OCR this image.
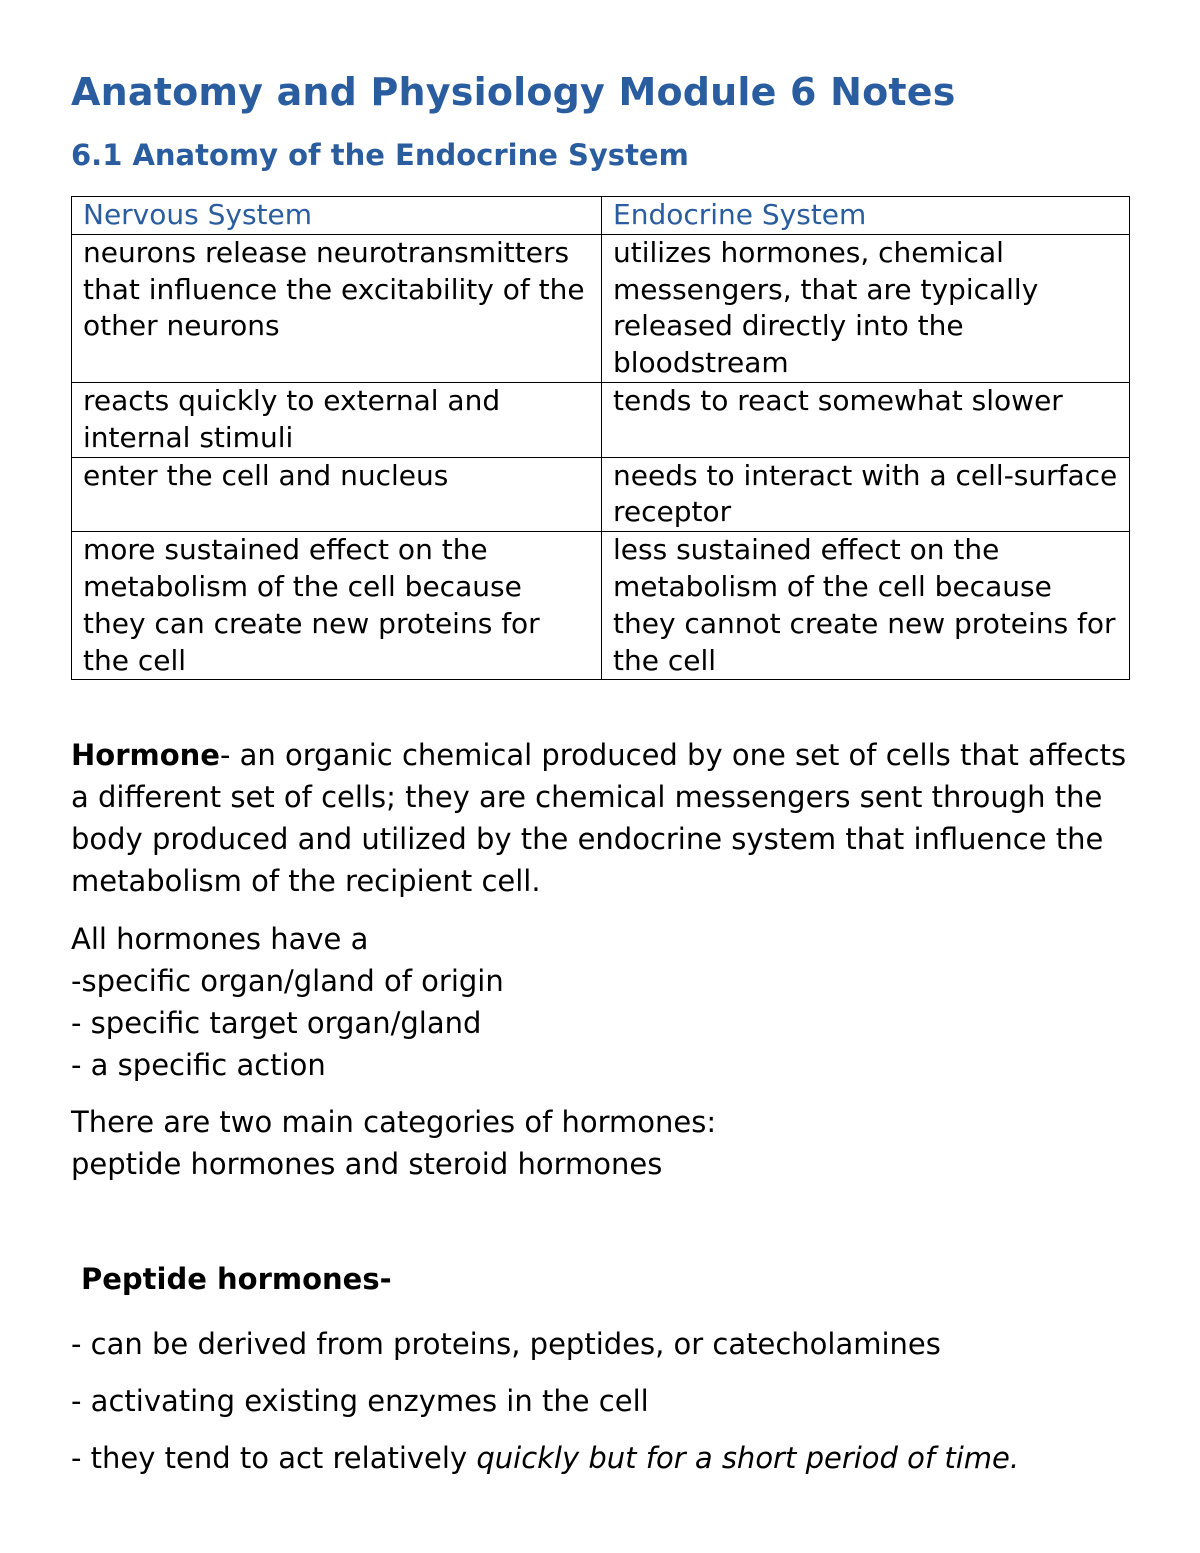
Anatomy and Physiology Module 6 Notes
6.1 Anatomy of the Endocrine System
Nervous System	Endocrine System
neurons release neurotransmitters that influence the excitability of the other neurons	utilizes hormones, chemical messengers, that are typically released directly into the bloodstream
reacts quickly to external and internal stimuli	tends to react somewhat slower
enter the cell and nucleus	needs to interact with a cell-surface receptor
more sustained effect on the metabolism of the cell because they can create new proteins for the cell	less sustained effect on the metabolism of the cell because they cannot create new proteins for the cell

Hormone- an organic chemical produced by one set of cells that affects a different set of cells; they are chemical messengers sent through the body produced and utilized by the endocrine system that influence the metabolism of the recipient cell.

All hormones have a
-specific organ/gland of origin
- specific target organ/gland
- a specific action
There are two main categories of hormones:
peptide hormones and steroid hormones
Peptide hormones-
- can be derived from proteins, peptides, or catecholamines
- activating existing enzymes in the cell
- they tend to act relatively quickly but for a short period of time.
